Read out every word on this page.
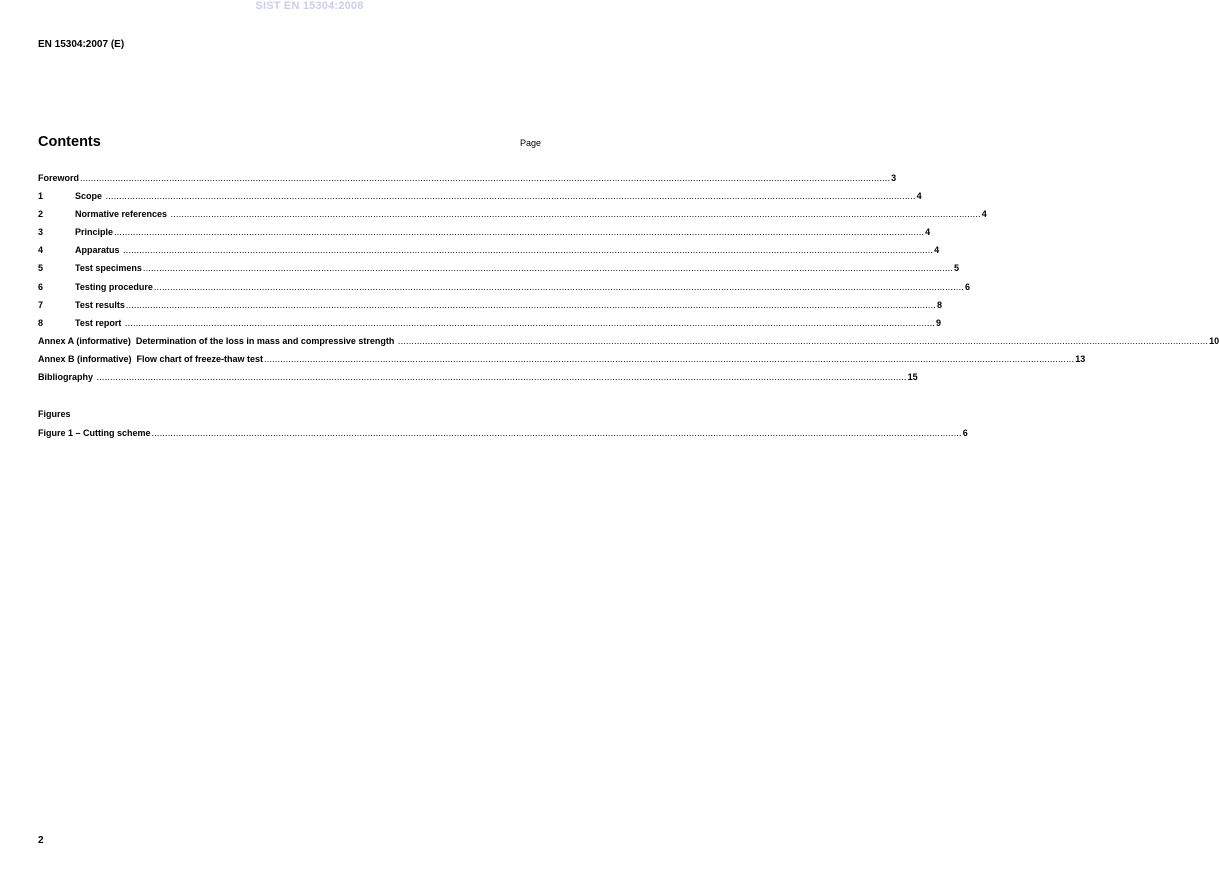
SIST EN 15304:2008
EN 15304:2007 (E)
Contents	Page
Foreword ............................................................................................................................................................................................................................................................................................................ 3
1	Scope ............................................................................................................................................................................................................................................................................................................ 4
2	Normative references ............................................................................................................................................................................................................................................................................................................ 4
3	Principle ............................................................................................................................................................................................................................................................................................................ 4
4	Apparatus ............................................................................................................................................................................................................................................................................................................ 4
5	Test specimens ............................................................................................................................................................................................................................................................................................................ 5
6	Testing procedure ............................................................................................................................................................................................................................................................................................................ 6
7	Test results ............................................................................................................................................................................................................................................................................................................ 8
8	Test report ............................................................................................................................................................................................................................................................................................................ 9
Annex A (informative)  Determination of the loss in mass and compressive strength ............................................................................................................................................................................................................................................................................................................ 10
Annex B (informative)  Flow chart of freeze-thaw test ............................................................................................................................................................................................................................................................................................................ 13
Bibliography ............................................................................................................................................................................................................................................................................................................ 15
Figures
Figure 1 – Cutting scheme ............................................................................................................................................................................................................................................................................................................ 6
2
